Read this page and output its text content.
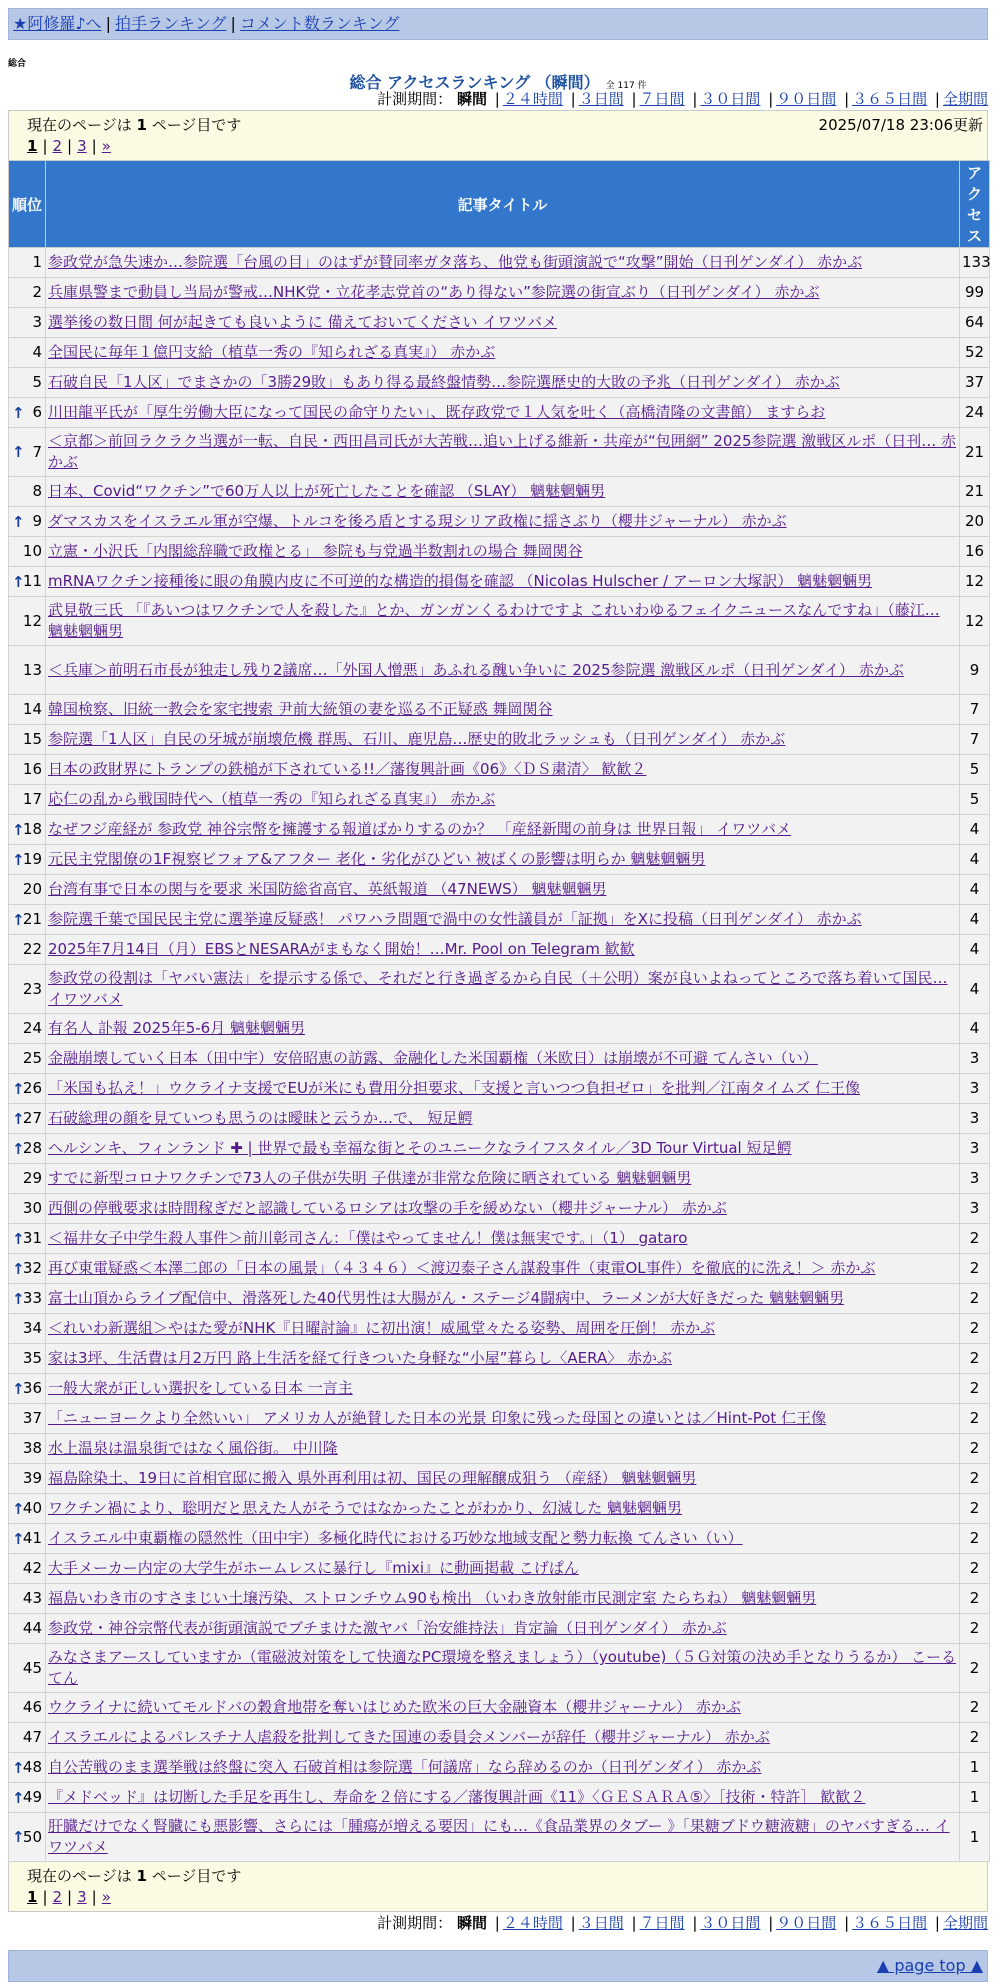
★阿修羅♪へ | 拍手ランキング | コメント数ランキング
総合
総合 アクセスランキング （瞬間） 全 117 件
計測期間： 瞬間 | ２４時間 | ３日間 | ７日間 | ３０日間 | ９０日間 | ３６５日間 | 全期間
現在のページは 1 ページ目です	2025/07/18 23:06更新
1 | 2 | 3 | »
順位	記事タイトル	アクセス
1	参政党が急失速か…参院選「台風の目」のはずが賛同率ガタ落ち、他党も街頭演説で“攻撃”開始（日刊ゲンダイ） 赤かぶ	133
2	兵庫県警まで動員し当局が警戒…NHK党・立花孝志党首の“あり得ない”参院選の街宣ぶり（日刊ゲンダイ） 赤かぶ	99
3	選挙後の数日間 何が起きても良いように 備えておいてください イワツバメ	64
4	全国民に毎年１億円支給（植草一秀の『知られざる真実』） 赤かぶ	52
5	石破自民「1人区」でまさかの「3勝29敗」もあり得る最終盤情勢…参院選歴史的大敗の予兆（日刊ゲンダイ） 赤かぶ	37

↑ 6	川田龍平氏が「厚生労働大臣になって国民の命守りたい」、既存政党で１人気を吐く（高橋清隆の文書館） ますらお	24

↑ 7	＜京都＞前回ラクラク当選が一転、自民・西田昌司氏が大苦戦…追い上げる維新・共産が“包囲網” 2025参院選 激戦区ルポ（日刊… 赤かぶ	21
8	日本、Covid“ワクチン”で60万人以上が死亡したことを確認 （SLAY） 魑魅魍魎男	21

↑ 9	ダマスカスをイスラエル軍が空爆、トルコを後ろ盾とする現シリア政権に揺さぶり（櫻井ジャーナル） 赤かぶ	20
10	立憲・小沢氏「内閣総辞職で政権とる」 参院も与党過半数割れの場合 舞岡関谷	16

↑
11	mRNAワクチン接種後に眼の角膜内皮に不可逆的な構造的損傷を確認 （Nicolas Hulscher / アーロン大塚訳） 魑魅魍魎男	12
12	武見敬三氏 「『あいつはワクチンで人を殺した』とか、ガンガンくるわけですよ これいわゆるフェイクニュースなんですね」（藤江… 魑魅魍魎男	12
13	＜兵庫＞前明石市長が独走し残り2議席…「外国人憎悪」あふれる醜い争いに 2025参院選 激戦区ルポ（日刊ゲンダイ） 赤かぶ	9
14	韓国検察、旧統一教会を家宅捜索 尹前大統領の妻を巡る不正疑惑 舞岡関谷	7
15	参院選「1人区」自民の牙城が崩壊危機 群馬、石川、鹿児島…歴史的敗北ラッシュも（日刊ゲンダイ） 赤かぶ	7
16	日本の政財界にトランプの鉄槌が下されている!!／藩復興計画《06》〈ＤＳ粛清〉 歓歓２	5
17	応仁の乱から戦国時代へ（植草一秀の『知られざる真実』） 赤かぶ	5

↑
18	なぜフジ産経が 参政党 神谷宗幣を擁護する報道ばかりするのか？ 「産経新聞の前身は 世界日報」 イワツバメ	4

↑
19	元民主党閣僚の1F視察ビフォア&アフター 老化・劣化がひどい 被ばくの影響は明らか 魑魅魍魎男	4
20	台湾有事で日本の関与を要求 米国防総省高官、英紙報道 （47NEWS） 魑魅魍魎男	4

↑
21	参院選千葉で国民民主党に選挙違反疑惑！ パワハラ問題で渦中の女性議員が「証拠」をXに投稿（日刊ゲンダイ） 赤かぶ	4
22	2025年7月14日（月）EBSとNESARAがまもなく開始！…Mr. Pool on Telegram 歓歓	4
23	参政党の役割は「ヤバい憲法」を提示する係で、それだと行き過ぎるから自民（＋公明）案が良いよねってところで落ち着いて国民… イワツバメ	4
24	有名人 訃報 2025年5-6月 魑魅魍魎男	4
25	金融崩壊していく日本（田中宇）安倍昭恵の訪露、金融化した米国覇権（米欧日）は崩壊が不可避 てんさい（い）	3

↑
26	「米国も払え！」ウクライナ支援でEUが米にも費用分担要求、「支援と言いつつ負担ゼロ」を批判／江南タイムズ 仁王像	3

↑
27	石破総理の顔を見ていつも思うのは曖昧と云うか…で、 短足鰐	3

↑
28	ヘルシンキ、フィンランド ✚ | 世界で最も幸福な街とそのユニークなライフスタイル／3D Tour Virtual 短足鰐	3
29	すでに新型コロナワクチンで73人の子供が失明 子供達が非常な危険に晒されている 魑魅魍魎男	3
30	西側の停戦要求は時間稼ぎだと認識しているロシアは攻撃の手を緩めない（櫻井ジャーナル） 赤かぶ	3

↑
31	＜福井女子中学生殺人事件＞前川彰司さん：「僕はやってません！僕は無実です。」（1） gataro	2

↑
32	再び東電疑惑＜本澤二郎の「日本の風景」（４３４６）＜渡辺泰子さん謀殺事件（東電OL事件）を徹底的に洗え！＞ 赤かぶ	2

↑
33	富士山頂からライブ配信中、滑落死した40代男性は大腸がん・ステージ4闘病中、ラーメンが大好きだった 魑魅魍魎男	2
34	＜れいわ新選組＞やはた愛がNHK『日曜討論』に初出演！威風堂々たる姿勢、周囲を圧倒！ 赤かぶ	2
35	家は3坪、生活費は月2万円 路上生活を経て行きついた身軽な“小屋”暮らし〈AERA〉 赤かぶ	2

↑
36	一般大衆が正しい選択をしている日本 一言主	2
37	「ニューヨークより全然いい」 アメリカ人が絶賛した日本の光景 印象に残った母国との違いとは／Hint-Pot 仁王像	2
38	水上温泉は温泉街ではなく風俗街。 中川隆	2
39	福島除染土、19日に首相官邸に搬入 県外再利用は初、国民の理解醸成狙う （産経） 魑魅魍魎男	2

↑
40	ワクチン禍により、聡明だと思えた人がそうではなかったことがわかり、幻滅した 魑魅魍魎男	2

↑
41	イスラエル中東覇権の隠然性（田中宇）多極化時代における巧妙な地域支配と勢力転換 てんさい（い）	2
42	大手メーカー内定の大学生がホームレスに暴行し『mixi』に動画掲載 こげぱん	2
43	福島いわき市のすさまじい土壌汚染、ストロンチウム90も検出 （いわき放射能市民測定室 たらちね） 魑魅魍魎男	2
44	参政党・神谷宗幣代表が街頭演説でブチまけた激ヤバ「治安維持法」肯定論（日刊ゲンダイ） 赤かぶ	2
45	みなさまアースしていますか（電磁波対策をして快適なPC環境を整えましょう）（youtube)（５Ｇ対策の決め手となりうるか） こーるてん	2
46	ウクライナに続いてモルドバの穀倉地帯を奪いはじめた欧米の巨大金融資本（櫻井ジャーナル） 赤かぶ	2
47	イスラエルによるパレスチナ人虐殺を批判してきた国連の委員会メンバーが辞任（櫻井ジャーナル） 赤かぶ	2

↑
48	自公苦戦のまま選挙戦は終盤に突入 石破首相は参院選「何議席」なら辞めるのか（日刊ゲンダイ） 赤かぶ	1

↑
49	『メドベッド』は切断した手足を再生し、寿命を２倍にする／藩復興計画《11》〈ＧＥＳＡＲＡ⑤〉［技術・特許］ 歓歓２	1

↑
50	肝臓だけでなく腎臓にも悪影響、さらには「腫瘍が増える要因」にも…《食品業界のタブー 》「果糖ブドウ糖液糖」のヤバすぎる… イワツバメ	1
現在のページは 1 ページ目です
1 | 2 | 3 | »
計測期間： 瞬間 | ２４時間 | ３日間 | ７日間 | ３０日間 | ９０日間 | ３６５日間 | 全期間
▲ page top ▲
